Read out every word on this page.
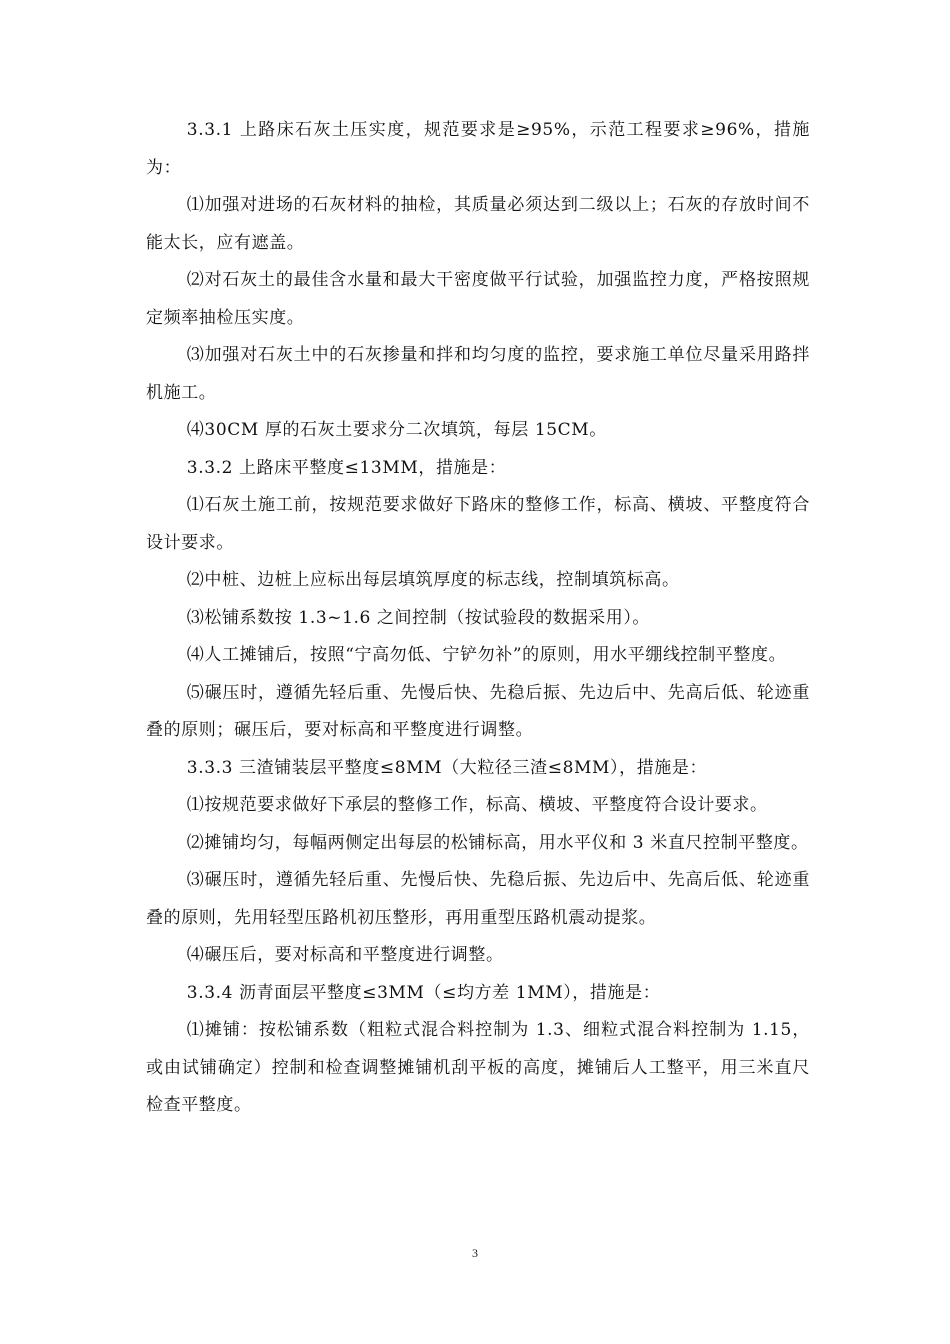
3.3.1 上路床石灰土压实度，规范要求是≥95%，示范工程要求≥96%，措施为：

⑴加强对进场的石灰材料的抽检，其质量必须达到二级以上；石灰的存放时间不能太长，应有遮盖。

⑵对石灰土的最佳含水量和最大干密度做平行试验，加强监控力度，严格按照规定频率抽检压实度。

⑶加强对石灰土中的石灰掺量和拌和均匀度的监控，要求施工单位尽量采用路拌机施工。

⑷30CM 厚的石灰土要求分二次填筑，每层 15CM。

3.3.2 上路床平整度≤13MM，措施是：

⑴石灰土施工前，按规范要求做好下路床的整修工作，标高、横坡、平整度符合设计要求。

⑵中桩、边桩上应标出每层填筑厚度的标志线，控制填筑标高。

⑶松铺系数按 1.3~1.6 之间控制（按试验段的数据采用）。

⑷人工摊铺后，按照“宁高勿低、宁铲勿补”的原则，用水平绷线控制平整度。

⑸碾压时，遵循先轻后重、先慢后快、先稳后振、先边后中、先高后低、轮迹重叠的原则；碾压后，要对标高和平整度进行调整。

3.3.3 三渣铺装层平整度≤8MM（大粒径三渣≤8MM），措施是：

⑴按规范要求做好下承层的整修工作，标高、横坡、平整度符合设计要求。

⑵摊铺均匀，每幅两侧定出每层的松铺标高，用水平仪和 3 米直尺控制平整度。

⑶碾压时，遵循先轻后重、先慢后快、先稳后振、先边后中、先高后低、轮迹重叠的原则，先用轻型压路机初压整形，再用重型压路机震动提浆。

⑷碾压后，要对标高和平整度进行调整。

3.3.4 沥青面层平整度≤3MM（≤均方差 1MM），措施是：

⑴摊铺：按松铺系数（粗粒式混合料控制为 1.3、细粒式混合料控制为 1.15，或由试铺确定）控制和检查调整摊铺机刮平板的高度，摊铺后人工整平，用三米直尺检查平整度。

3
